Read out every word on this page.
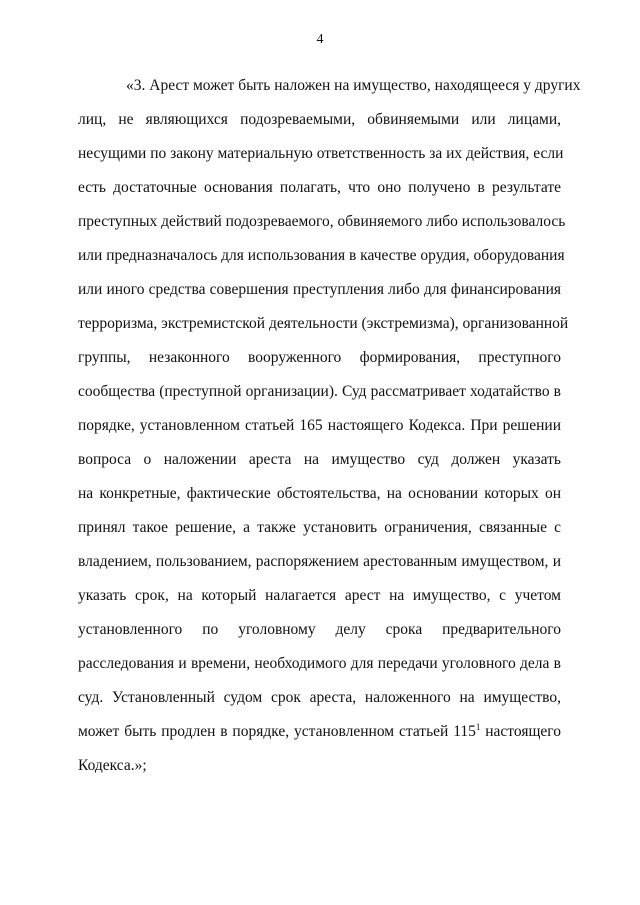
4
«3. Арест может быть наложен на имущество, находящееся у других
лиц, не являющихся подозреваемыми, обвиняемыми или лицами,
несущими по закону материальную ответственность за их действия, если
есть достаточные основания полагать, что оно получено в результате
преступных действий подозреваемого, обвиняемого либо использовалось
или предназначалось для использования в качестве орудия, оборудования
или иного средства совершения преступления либо для финансирования
терроризма, экстремистской деятельности (экстремизма), организованной
группы, незаконного вооруженного формирования, преступного
сообщества (преступной организации). Суд рассматривает ходатайство в
порядке, установленном статьей 165 настоящего Кодекса. При решении
вопроса о наложении ареста на имущество суд должен указать
на конкретные, фактические обстоятельства, на основании которых он
принял такое решение, а также установить ограничения, связанные с
владением, пользованием, распоряжением арестованным имуществом, и
указать срок, на который налагается арест на имущество, с учетом
установленного по уголовному делу срока предварительного
расследования и времени, необходимого для передачи уголовного дела в
суд. Установленный судом срок ареста, наложенного на имущество,
может быть продлен в порядке, установленном статьей $115^1$ настоящего
Кодекса.»;
